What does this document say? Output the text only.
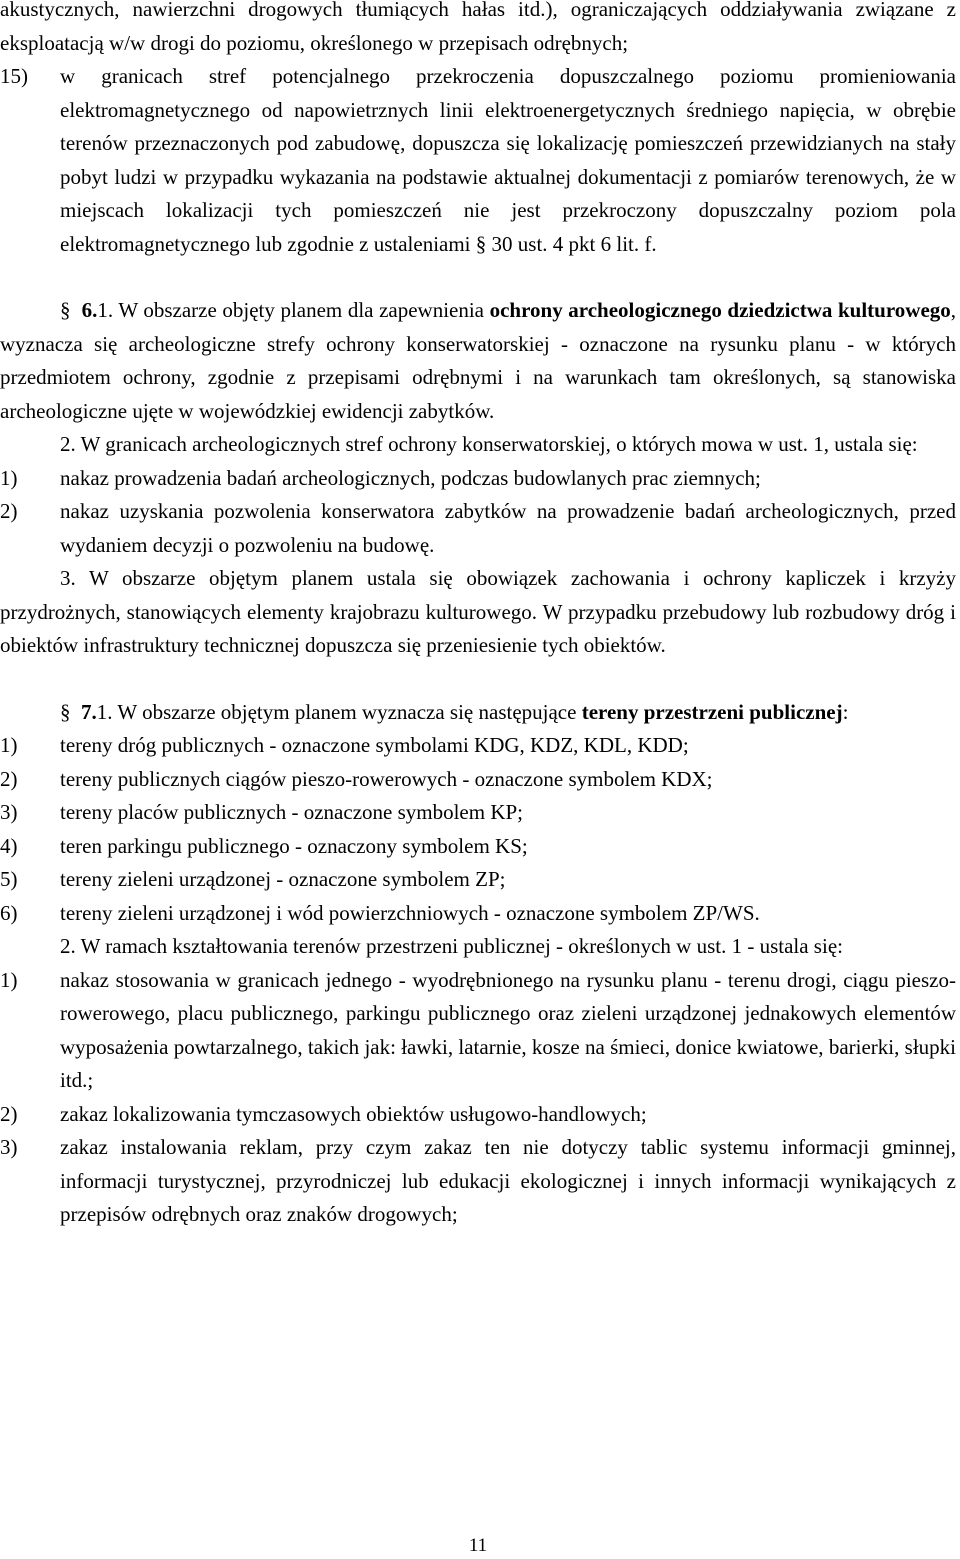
akustycznych, nawierzchni drogowych tłumiących hałas itd.), ograniczających oddziaływania związane z eksploatacją w/w drogi do poziomu, określonego w przepisach odrębnych;

15) w granicach stref potencjalnego przekroczenia dopuszczalnego poziomu promieniowania elektromagnetycznego od napowietrznych linii elektroenergetycznych średniego napięcia, w obrębie terenów przeznaczonych pod zabudowę, dopuszcza się lokalizację pomieszczeń przewidzianych na stały pobyt ludzi w przypadku wykazania na podstawie aktualnej dokumentacji z pomiarów terenowych, że w miejscach lokalizacji tych pomieszczeń nie jest przekroczony dopuszczalny poziom pola elektromagnetycznego lub zgodnie z ustaleniami § 30 ust. 4 pkt 6 lit. f.

§ 6.1. W obszarze objęty planem dla zapewnienia ochrony archeologicznego dziedzictwa kulturowego, wyznacza się archeologiczne strefy ochrony konserwatorskiej - oznaczone na rysunku planu - w których przedmiotem ochrony, zgodnie z przepisami odrębnymi i na warunkach tam określonych, są stanowiska archeologiczne ujęte w wojewódzkiej ewidencji zabytków.

2. W granicach archeologicznych stref ochrony konserwatorskiej, o których mowa w ust. 1, ustala się:

1) nakaz prowadzenia badań archeologicznych, podczas budowlanych prac ziemnych;
2) nakaz uzyskania pozwolenia konserwatora zabytków na prowadzenie badań archeologicznych, przed wydaniem decyzji o pozwoleniu na budowę.

3. W obszarze objętym planem ustala się obowiązek zachowania i ochrony kapliczek i krzyży przydrożnych, stanowiących elementy krajobrazu kulturowego. W przypadku przebudowy lub rozbudowy dróg i obiektów infrastruktury technicznej dopuszcza się przeniesienie tych obiektów.

§ 7.1. W obszarze objętym planem wyznacza się następujące tereny przestrzeni publicznej:

1) tereny dróg publicznych - oznaczone symbolami KDG, KDZ, KDL, KDD;
2) tereny publicznych ciągów pieszo-rowerowych - oznaczone symbolem KDX;
3) tereny placów publicznych - oznaczone symbolem KP;
4) teren parkingu publicznego - oznaczony symbolem KS;
5) tereny zieleni urządzonej - oznaczone symbolem ZP;
6) tereny zieleni urządzonej i wód powierzchniowych - oznaczone symbolem ZP/WS.

2. W ramach kształtowania terenów przestrzeni publicznej - określonych w ust. 1 - ustala się:

1) nakaz stosowania w granicach jednego - wyodrębnionego na rysunku planu - terenu drogi, ciągu pieszo-rowerowego, placu publicznego, parkingu publicznego oraz zieleni urządzonej jednakowych elementów wyposażenia powtarzalnego, takich jak: ławki, latarnie, kosze na śmieci, donice kwiatowe, barierki, słupki itd.;
2) zakaz lokalizowania tymczasowych obiektów usługowo-handlowych;
3) zakaz instalowania reklam, przy czym zakaz ten nie dotyczy tablic systemu informacji gminnej, informacji turystycznej, przyrodniczej lub edukacji ekologicznej i innych informacji wynikających z przepisów odrębnych oraz znaków drogowych;
11
